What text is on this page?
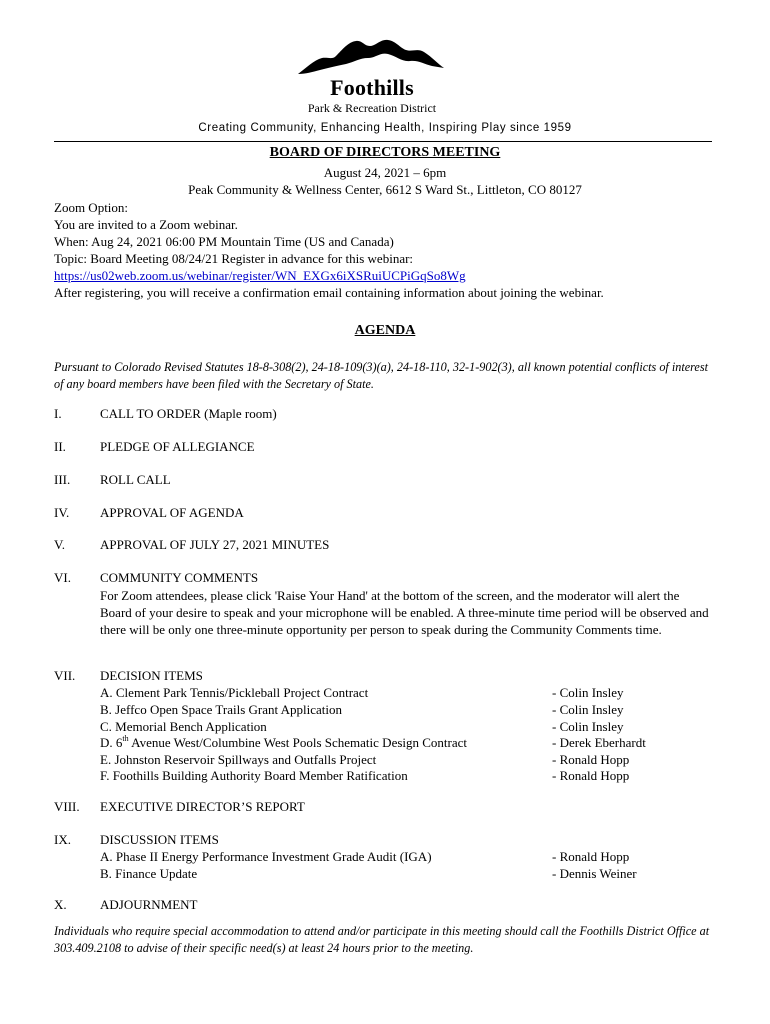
Foothills
Park & Recreation District
Creating Community, Enhancing Health, Inspiring Play since 1959
BOARD OF DIRECTORS MEETING
August 24, 2021 – 6pm
Peak Community & Wellness Center, 6612 S Ward St., Littleton, CO 80127
Zoom Option:
You are invited to a Zoom webinar.
When: Aug 24, 2021 06:00 PM Mountain Time (US and Canada)
Topic: Board Meeting 08/24/21 Register in advance for this webinar:
https://us02web.zoom.us/webinar/register/WN_EXGx6iXSRuiUCPiGqSo8Wg
After registering, you will receive a confirmation email containing information about joining the webinar.
AGENDA
Pursuant to Colorado Revised Statutes 18-8-308(2), 24-18-109(3)(a), 24-18-110, 32-1-902(3), all known potential conflicts of interest of any board members have been filed with the Secretary of State.
I.	CALL TO ORDER (Maple room)
II.	PLEDGE OF ALLEGIANCE
III. ROLL CALL
IV. APPROVAL OF AGENDA
V.	APPROVAL OF JULY 27, 2021 MINUTES
VI. COMMUNITY COMMENTS
For Zoom attendees, please click 'Raise Your Hand' at the bottom of the screen, and the moderator will alert the Board of your desire to speak and your microphone will be enabled. A three-minute time period will be observed and there will be only one three-minute opportunity per person to speak during the Community Comments time.
VII. DECISION ITEMS
A. Clement Park Tennis/Pickleball Project Contract	- Colin Insley
B. Jeffco Open Space Trails Grant Application	- Colin Insley
C. Memorial Bench Application	- Colin Insley
D. 6th Avenue West/Columbine West Pools Schematic Design Contract	- Derek Eberhardt
E. Johnston Reservoir Spillways and Outfalls Project	- Ronald Hopp
F. Foothills Building Authority Board Member Ratification	- Ronald Hopp
VIII. EXECUTIVE DIRECTOR’S REPORT
IX. DISCUSSION ITEMS
A. Phase II Energy Performance Investment Grade Audit (IGA)	- Ronald Hopp
B. Finance Update	- Dennis Weiner
X.	ADJOURNMENT
Individuals who require special accommodation to attend and/or participate in this meeting should call the Foothills District Office at 303.409.2108 to advise of their specific need(s) at least 24 hours prior to the meeting.
